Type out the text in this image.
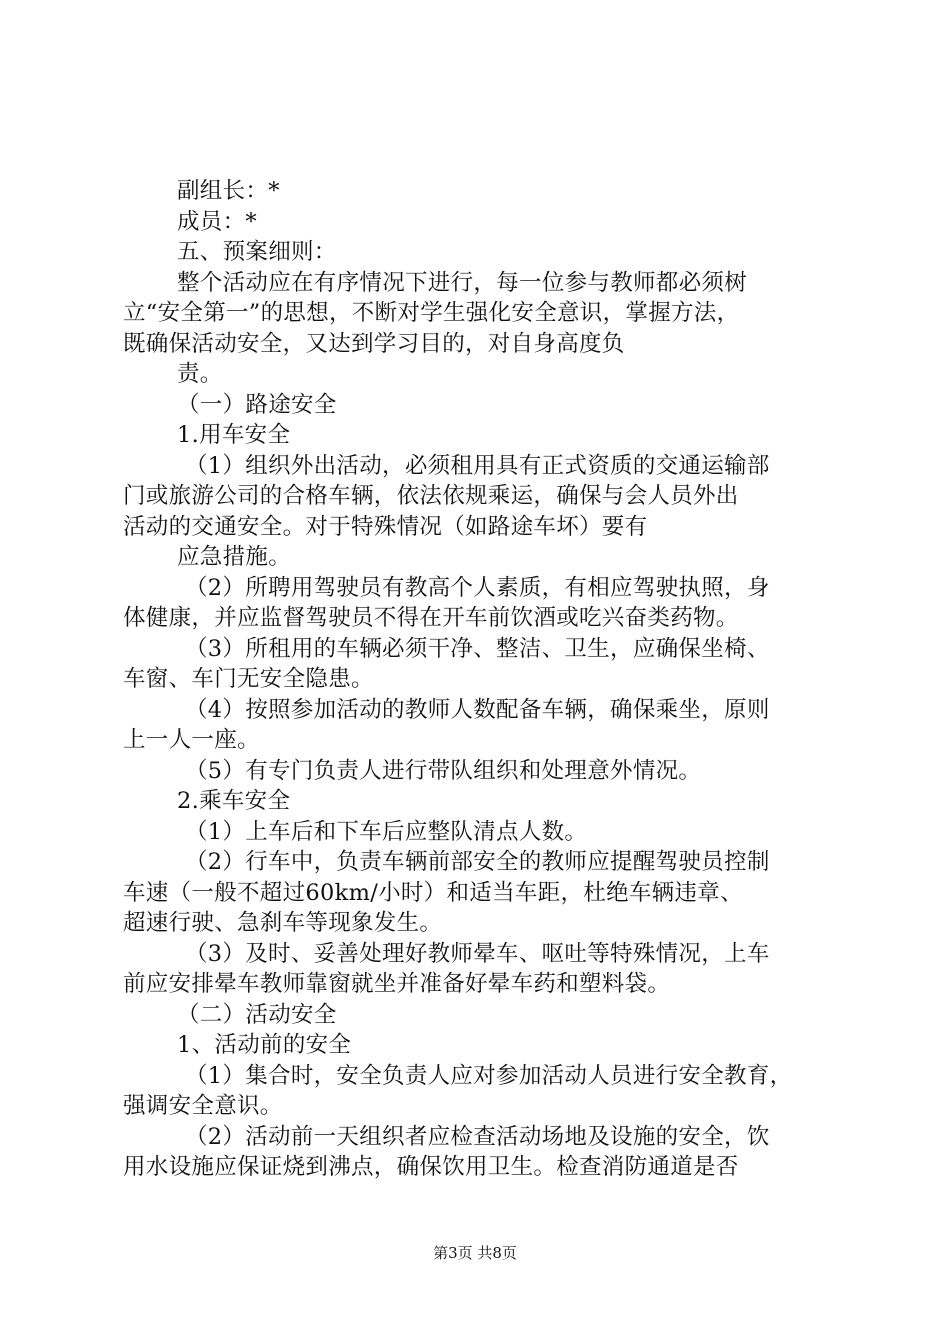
副组长：*

成员：*

五、预案细则：

整个活动应在有序情况下进行，每一位参与教师都必须树

立“安全第一”的思想，不断对学生强化安全意识，掌握方法，

既确保活动安全，又达到学习目的，对自身高度负

责。

（一）路途安全

1.用车安全

（1）组织外出活动，必须租用具有正式资质的交通运输部

门或旅游公司的合格车辆，依法依规乘运，确保与会人员外出

活动的交通安全。对于特殊情况（如路途车坏）要有

应急措施。

（2）所聘用驾驶员有教高个人素质，有相应驾驶执照，身

体健康，并应监督驾驶员不得在开车前饮酒或吃兴奋类药物。

（3）所租用的车辆必须干净、整洁、卫生，应确保坐椅、

车窗、车门无安全隐患。

（4）按照参加活动的教师人数配备车辆，确保乘坐，原则

上一人一座。

（5）有专门负责人进行带队组织和处理意外情况。

2.乘车安全

（1）上车后和下车后应整队清点人数。

（2）行车中，负责车辆前部安全的教师应提醒驾驶员控制

车速（一般不超过60km/小时）和适当车距，杜绝车辆违章、

超速行驶、急刹车等现象发生。

（3）及时、妥善处理好教师晕车、呕吐等特殊情况，上车

前应安排晕车教师靠窗就坐并准备好晕车药和塑料袋。

（二）活动安全

1、活动前的安全

（1）集合时，安全负责人应对参加活动人员进行安全教育，

强调安全意识。

（2）活动前一天组织者应检查活动场地及设施的安全，饮

用水设施应保证烧到沸点，确保饮用卫生。检查消防通道是否

第3页 共8页
